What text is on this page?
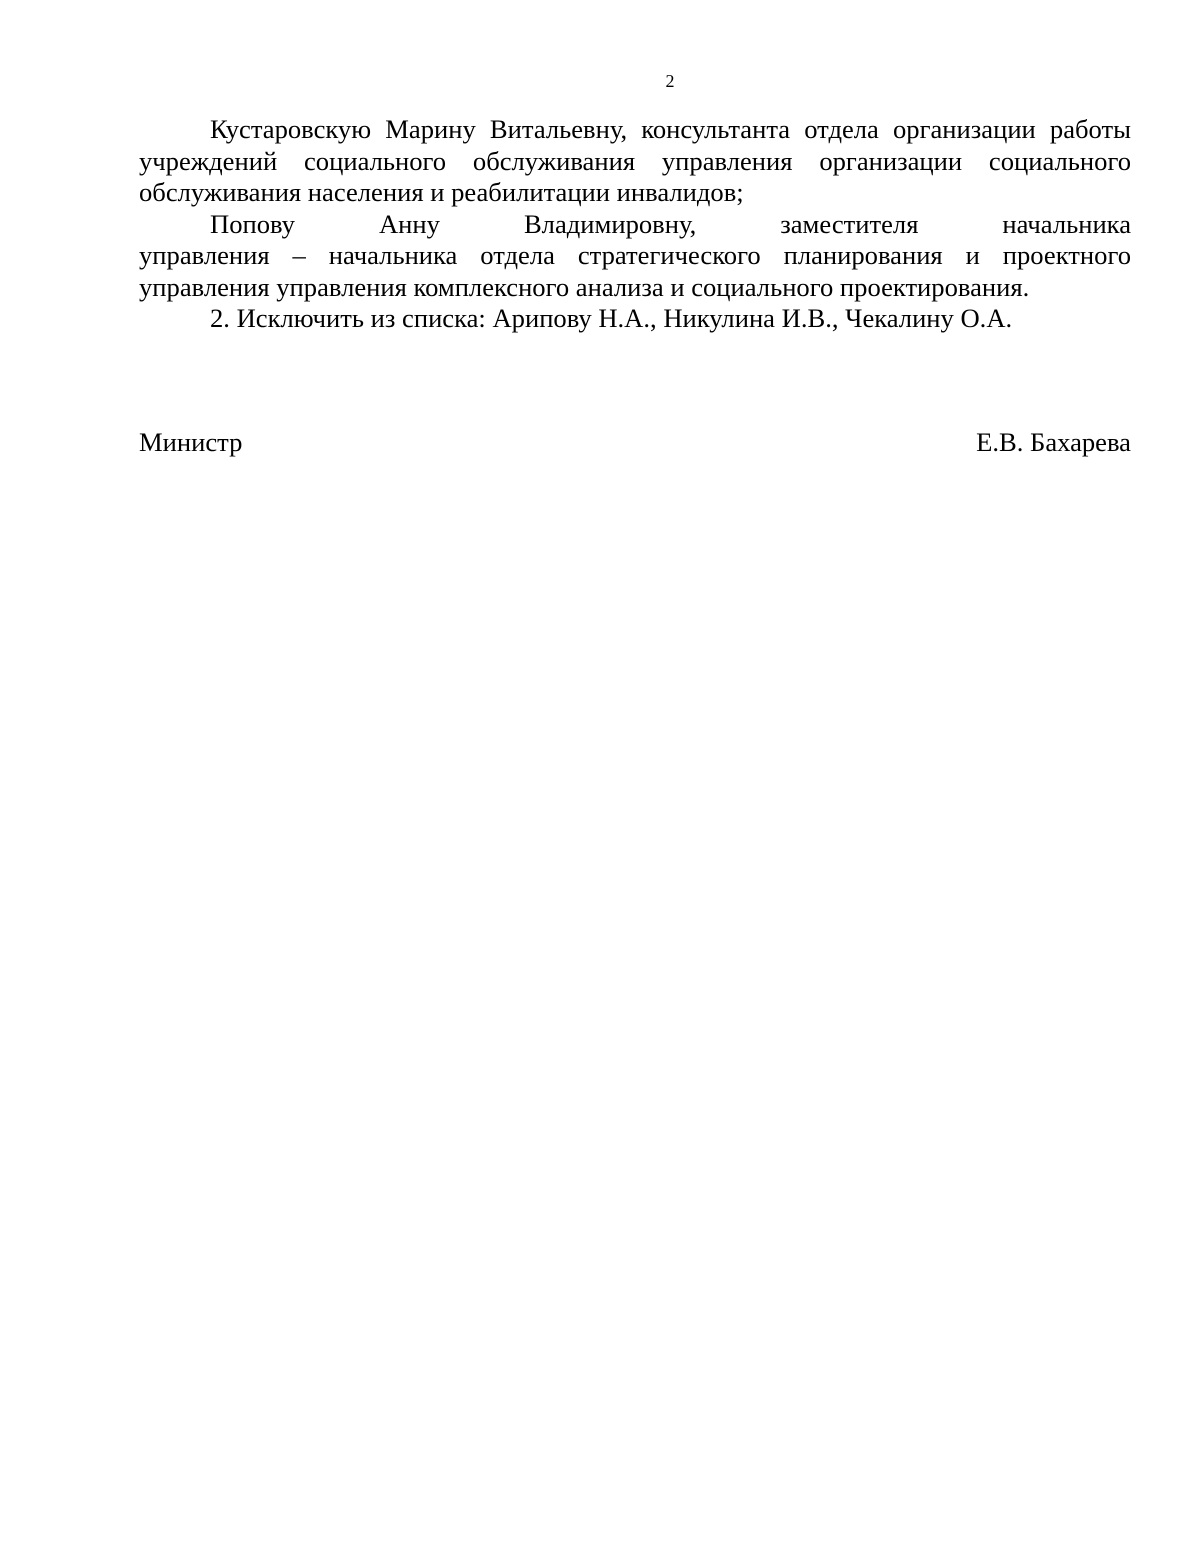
2
Кустаровскую Марину Витальевну, консультанта отдела организации работы
учреждений социального обслуживания управления организации социального
обслуживания населения и реабилитации инвалидов;
Попову Анну Владимировну, заместителя начальника
управления – начальника отдела стратегического планирования и проектного
управления управления комплексного анализа и социального проектирования.
2. Исключить из списка: Арипову Н.А., Никулина И.В., Чекалину О.А.
Министр	Е.В. Бахарева
